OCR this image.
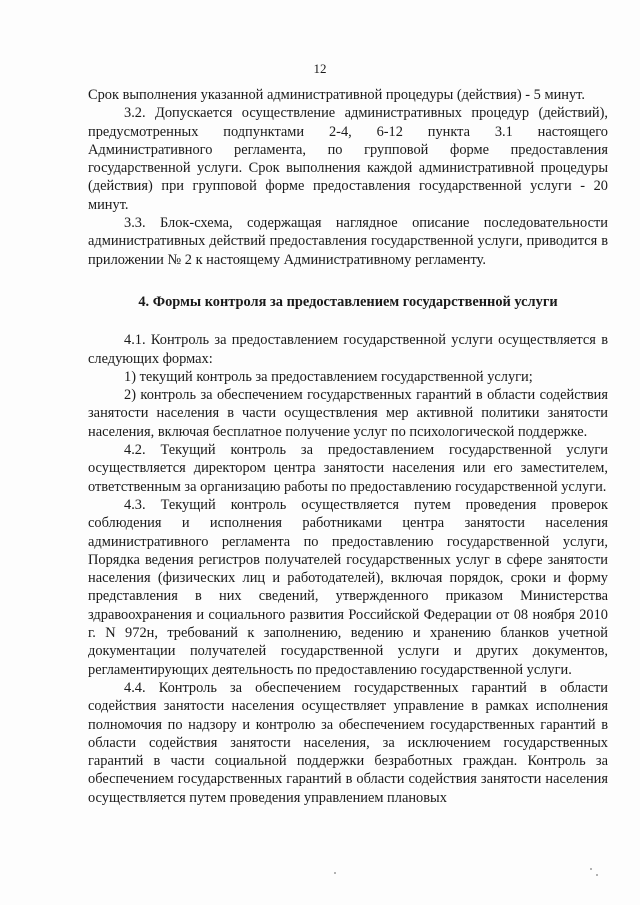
12

Срок выполнения указанной административной процедуры (действия) - 5 минут.

3.2. Допускается осуществление административных процедур (действий), предусмотренных подпунктами 2-4, 6-12 пункта 3.1 настоящего Административного регламента, по групповой форме предоставления государственной услуги. Срок выполнения каждой административной процедуры (действия) при групповой форме предоставления государственной услуги - 20 минут.

3.3. Блок-схема, содержащая наглядное описание последовательности административных действий предоставления государственной услуги, приводится в приложении № 2 к настоящему Административному регламенту.

4. Формы контроля за предоставлением государственной услуги

4.1. Контроль за предоставлением государственной услуги осуществляется в следующих формах:

1) текущий контроль за предоставлением государственной услуги;

2) контроль за обеспечением государственных гарантий в области содействия занятости населения в части осуществления мер активной политики занятости населения, включая бесплатное получение услуг по психологической поддержке.

4.2. Текущий контроль за предоставлением государственной услуги осуществляется директором центра занятости населения или его заместителем, ответственным за организацию работы по предоставлению государственной услуги.

4.3. Текущий контроль осуществляется путем проведения проверок соблюдения и исполнения работниками центра занятости населения административного регламента по предоставлению государственной услуги, Порядка ведения регистров получателей государственных услуг в сфере занятости населения (физических лиц и работодателей), включая порядок, сроки и форму представления в них сведений, утвержденного приказом Министерства здравоохранения и социального развития Российской Федерации от 08 ноября 2010 г. N 972н, требований к заполнению, ведению и хранению бланков учетной документации получателей государственной услуги и других документов, регламентирующих деятельность по предоставлению государственной услуги.

4.4. Контроль за обеспечением государственных гарантий в области содействия занятости населения осуществляет управление в рамках исполнения полномочия по надзору и контролю за обеспечением государственных гарантий в области содействия занятости населения, за исключением государственных гарантий в части социальной поддержки безработных граждан. Контроль за обеспечением государственных гарантий в области содействия занятости населения осуществляется путем проведения управлением плановых
